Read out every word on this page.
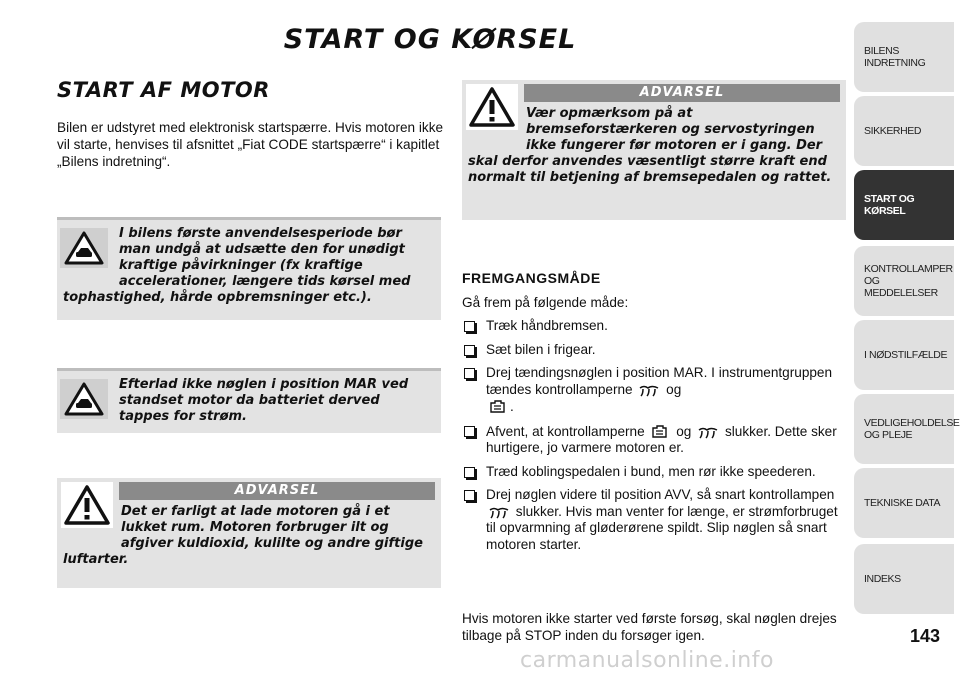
START OG KØRSEL
START AF MOTOR
Bilen er udstyret med elektronisk startspærre. Hvis motoren ikke vil starte, henvises til afsnittet „Fiat CODE startspærre“ i kapitlet „Bilens indretning“.
I bilens første anvendelsesperiode bør man undgå at udsætte den for unødigt kraftige påvirkninger (fx kraftige accelerationer, længere tids kørsel med tophastighed, hårde opbremsninger etc.).
Efterlad ikke nøglen i position MAR ved standset motor da batteriet derved tappes for strøm.
ADVARSEL
Det er farligt at lade motoren gå i et lukket rum. Motoren forbruger ilt og afgiver kuldioxid, kulilte og andre giftige luftarter.
ADVARSEL
Vær opmærksom på at bremseforstærkeren og servostyringen ikke fungerer før motoren er i gang. Der skal derfor anvendes væsentligt større kraft end normalt til betjening af bremsepedalen og rattet.
FREMGANGSMÅDE
Gå frem på følgende måde:
Træk håndbremsen.
Sæt bilen i frigear.
Drej tændingsnøglen i position MAR. I instrumentgruppen tændes kontrollamperne og
.
Afvent, at kontrollamperne og slukker. Dette sker hurtigere, jo varmere motoren er.
Træd koblingspedalen i bund, men rør ikke speederen.
Drej nøglen videre til position AVV, så snart kontrollampen  slukker. Hvis man venter for længe, er strømforbruget til opvarmning af gløderørene spildt. Slip nøglen så snart motoren starter.
Hvis motoren ikke starter ved første forsøg, skal nøglen drejes tilbage på STOP inden du forsøger igen.
BILENS INDRETNING
SIKKERHED
START OG KØRSEL
KONTROLLAMPER OG MEDDELELSER
I NØDSTILFÆLDE
VEDLIGEHOLDELSE OG PLEJE
TEKNISKE DATA
INDEKS
143
carmanualsonline.info
